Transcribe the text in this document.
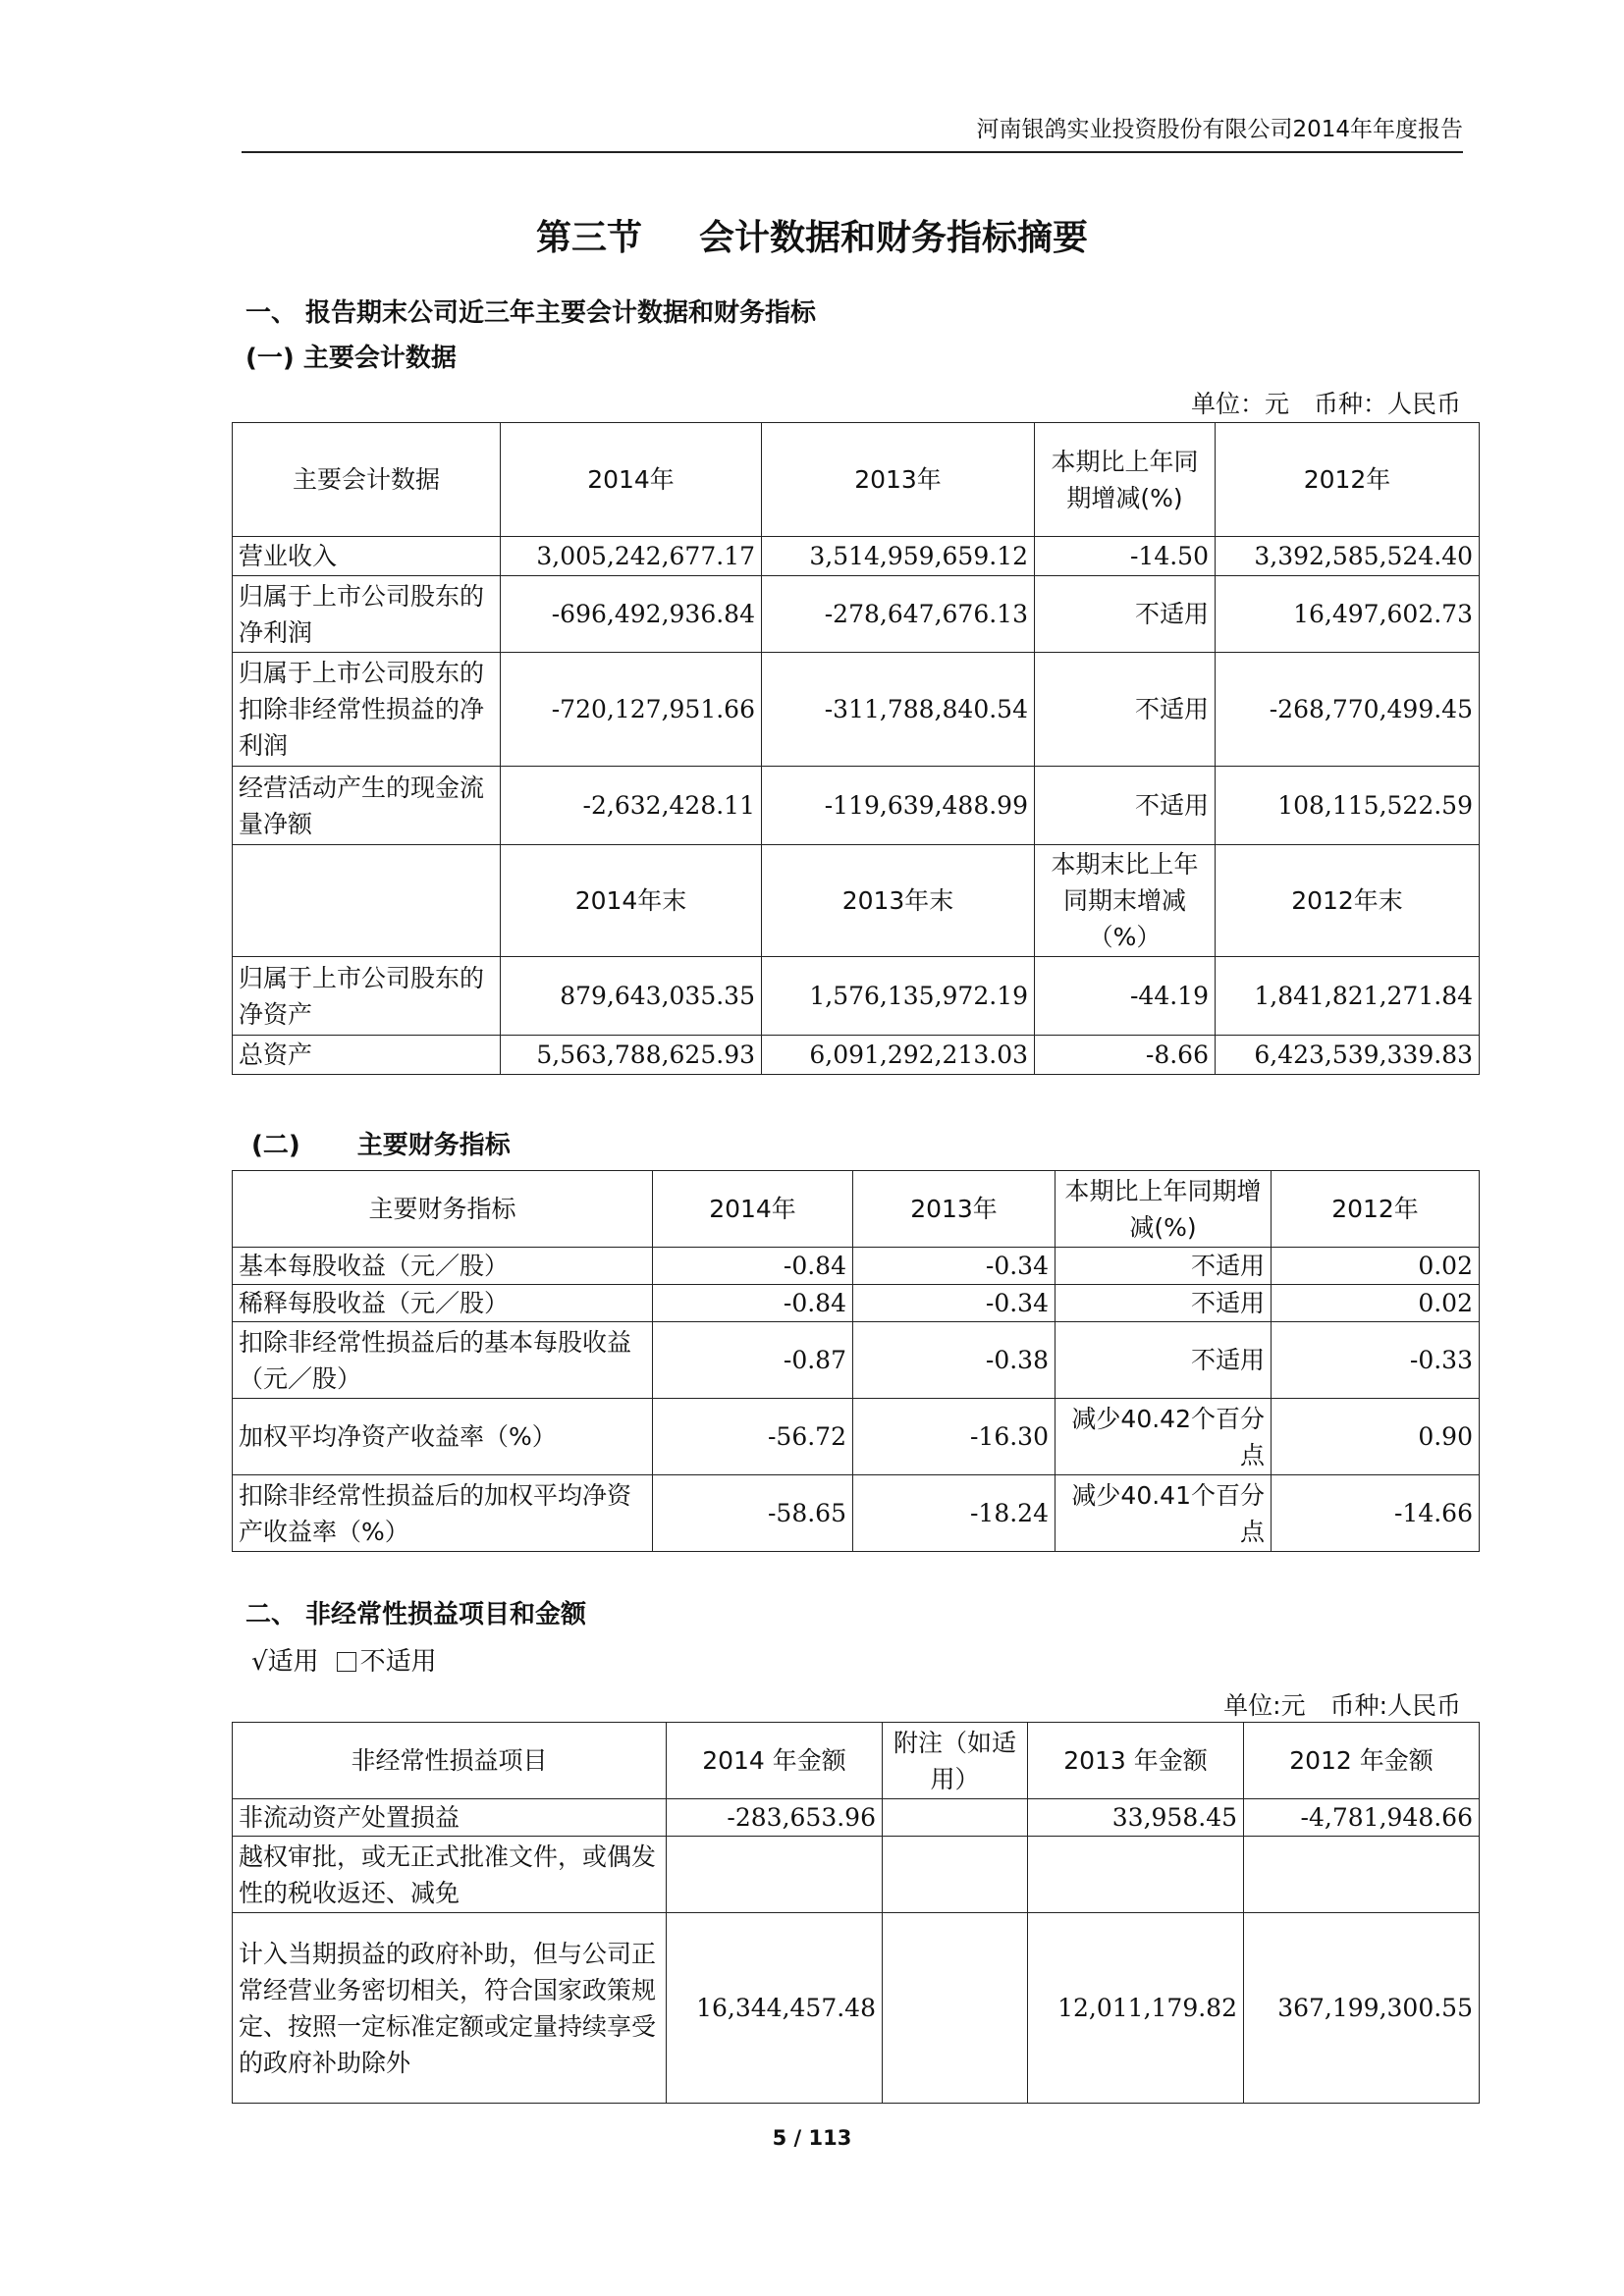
河南银鸽实业投资股份有限公司2014年年度报告
第三节 会计数据和财务指标摘要
一、 报告期末公司近三年主要会计数据和财务指标
(一) 主要会计数据
单位：元　币种：人民币
主要会计数据	2014年	2013年	本期比上年同期增减(%)	2012年
营业收入	3,005,242,677.17	3,514,959,659.12	-14.50	3,392,585,524.40
归属于上市公司股东的净利润	-696,492,936.84	-278,647,676.13	不适用	16,497,602.73
归属于上市公司股东的扣除非经常性损益的净利润	-720,127,951.66	-311,788,840.54	不适用	-268,770,499.45
经营活动产生的现金流量净额	-2,632,428.11	-119,639,488.99	不适用	108,115,522.59
	2014年末	2013年末	本期末比上年同期末增减（%）	2012年末
归属于上市公司股东的净资产	879,643,035.35	1,576,135,972.19	-44.19	1,841,821,271.84
总资产	5,563,788,625.93	6,091,292,213.03	-8.66	6,423,539,339.83
(二) 主要财务指标
主要财务指标	2014年	2013年	本期比上年同期增减(%)	2012年
基本每股收益（元／股）	-0.84	-0.34	不适用	0.02
稀释每股收益（元／股）	-0.84	-0.34	不适用	0.02
扣除非经常性损益后的基本每股收益（元／股）	-0.87	-0.38	不适用	-0.33
加权平均净资产收益率（%）	-56.72	-16.30	减少40.42个百分点	0.90
扣除非经常性损益后的加权平均净资产收益率（%）	-58.65	-18.24	减少40.41个百分点	-14.66
二、 非经常性损益项目和金额
√适用 不适用
单位:元　币种:人民币
非经常性损益项目	2014 年金额	附注（如适用）	2013 年金额	2012 年金额
非流动资产处置损益	-283,653.96		33,958.45	-4,781,948.66
越权审批，或无正式批准文件，或偶发性的税收返还、减免				
计入当期损益的政府补助，但与公司正常经营业务密切相关，符合国家政策规定、按照一定标准定额或定量持续享受的政府补助除外	16,344,457.48		12,011,179.82	367,199,300.55
5 / 113
